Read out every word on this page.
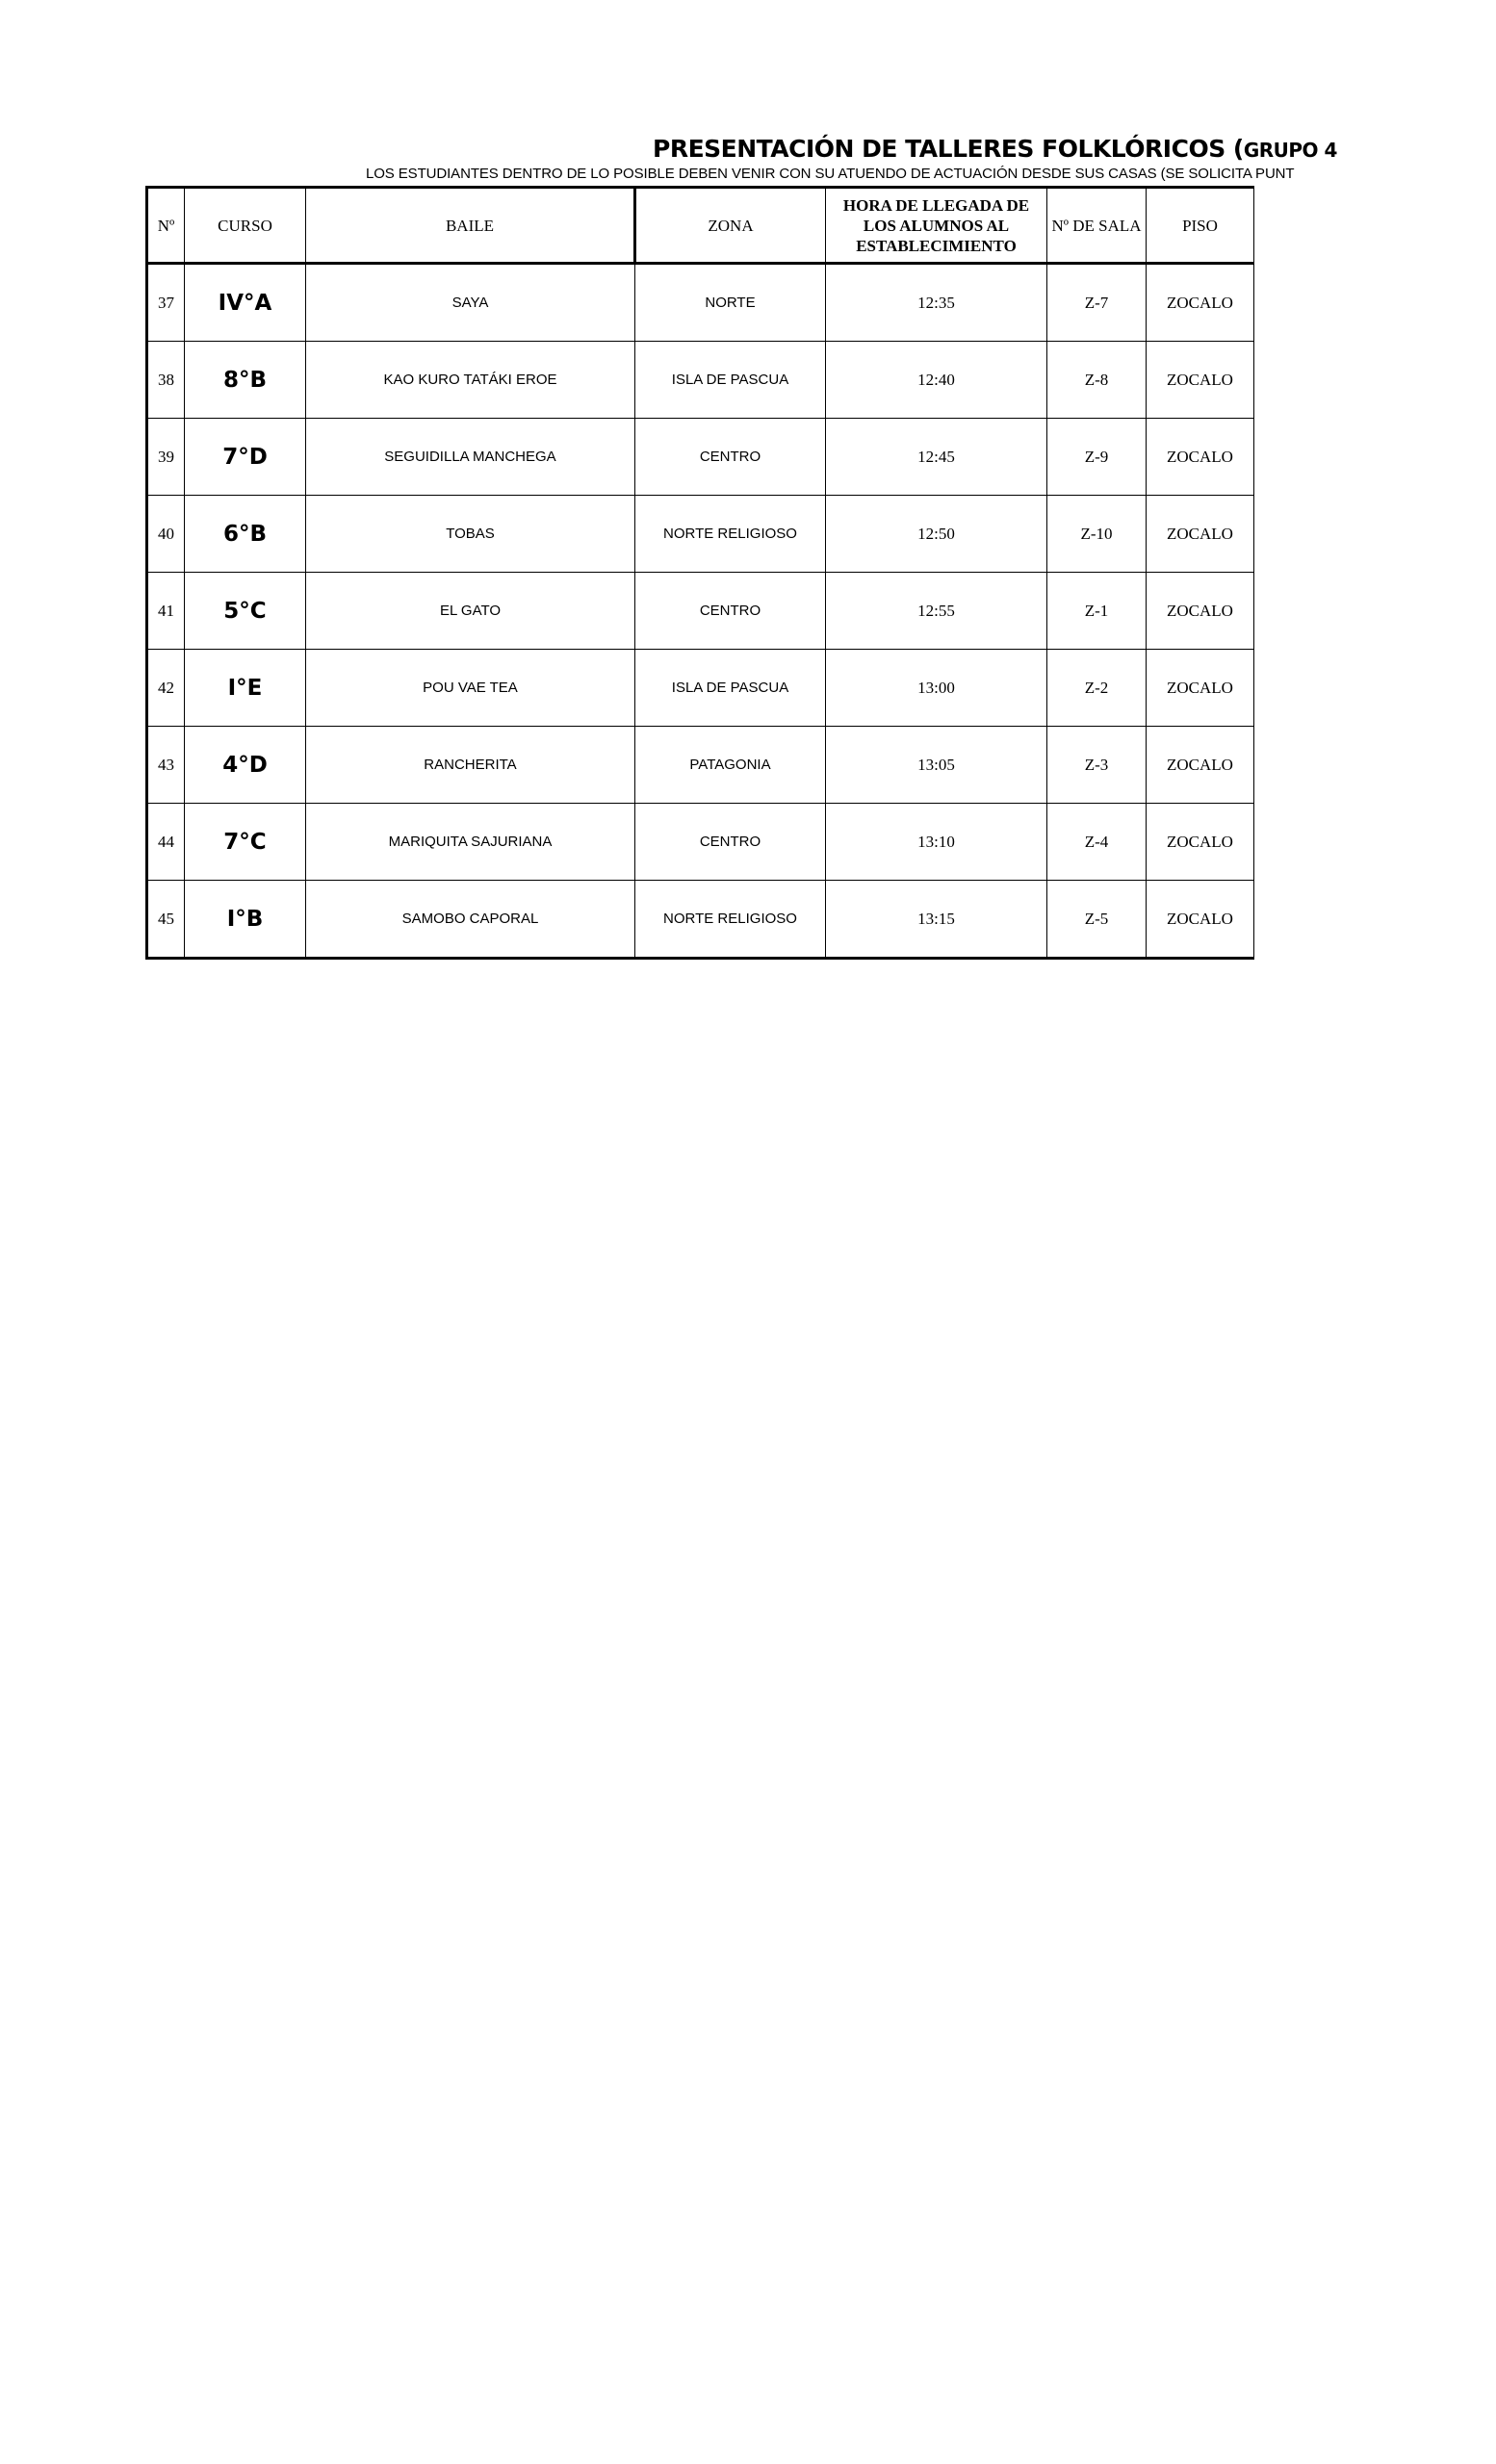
PRESENTACIÓN DE TALLERES FOLKLÓRICOS (GRUPO 4
LOS ESTUDIANTES DENTRO DE LO POSIBLE DEBEN VENIR CON SU ATUENDO DE ACTUACIÓN DESDE SUS CASAS (SE SOLICITA PUNT
Nº	CURSO	BAILE	ZONA	HORA DE LLEGADA DE LOS ALUMNOS AL ESTABLECIMIENTO	Nº DE SALA	PISO
37	IV°A	SAYA	NORTE	12:35	Z-7	ZOCALO
38	8°B	KAO KURO TATÁKI EROE	ISLA DE PASCUA	12:40	Z-8	ZOCALO
39	7°D	SEGUIDILLA MANCHEGA	CENTRO	12:45	Z-9	ZOCALO
40	6°B	TOBAS	NORTE RELIGIOSO	12:50	Z-10	ZOCALO
41	5°C	EL GATO	CENTRO	12:55	Z-1	ZOCALO
42	I°E	POU VAE TEA	ISLA DE PASCUA	13:00	Z-2	ZOCALO
43	4°D	RANCHERITA	PATAGONIA	13:05	Z-3	ZOCALO
44	7°C	MARIQUITA SAJURIANA	CENTRO	13:10	Z-4	ZOCALO
45	I°B	SAMOBO CAPORAL	NORTE RELIGIOSO	13:15	Z-5	ZOCALO
